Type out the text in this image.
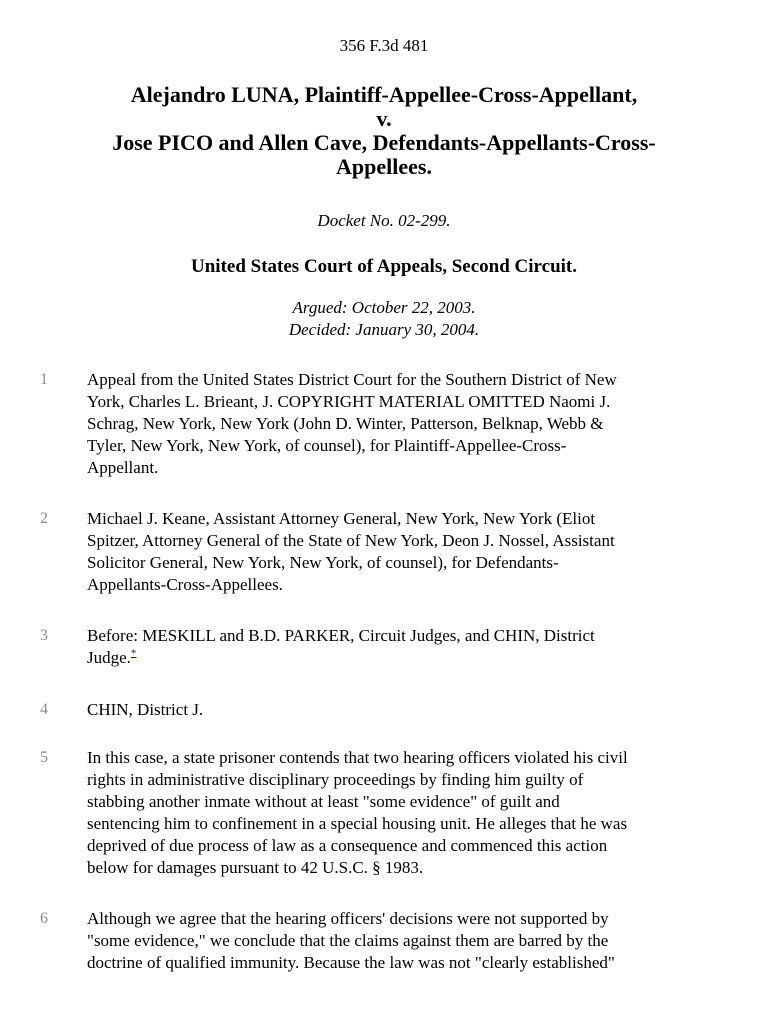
356 F.3d 481
Alejandro LUNA, Plaintiff-Appellee-Cross-Appellant,
v.
Jose PICO and Allen Cave, Defendants-Appellants-Cross-
Appellees.
Docket No. 02-299.
United States Court of Appeals, Second Circuit.
Argued: October 22, 2003.
Decided: January 30, 2004.
1	Appeal from the United States District Court for the Southern District of New
York, Charles L. Brieant, J. COPYRIGHT MATERIAL OMITTED Naomi J.
Schrag, New York, New York (John D. Winter, Patterson, Belknap, Webb &
Tyler, New York, New York, of counsel), for Plaintiff-Appellee-Cross-
Appellant.
2	Michael J. Keane, Assistant Attorney General, New York, New York (Eliot
Spitzer, Attorney General of the State of New York, Deon J. Nossel, Assistant
Solicitor General, New York, New York, of counsel), for Defendants-
Appellants-Cross-Appellees.
3	Before: MESKILL and B.D. PARKER, Circuit Judges, and CHIN, District
Judge.*
4	CHIN, District J.
5	In this case, a state prisoner contends that two hearing officers violated his civil
rights in administrative disciplinary proceedings by finding him guilty of
stabbing another inmate without at least "some evidence" of guilt and
sentencing him to confinement in a special housing unit. He alleges that he was
deprived of due process of law as a consequence and commenced this action
below for damages pursuant to 42 U.S.C. § 1983.
6	Although we agree that the hearing officers' decisions were not supported by
"some evidence," we conclude that the claims against them are barred by the
doctrine of qualified immunity. Because the law was not "clearly established"
